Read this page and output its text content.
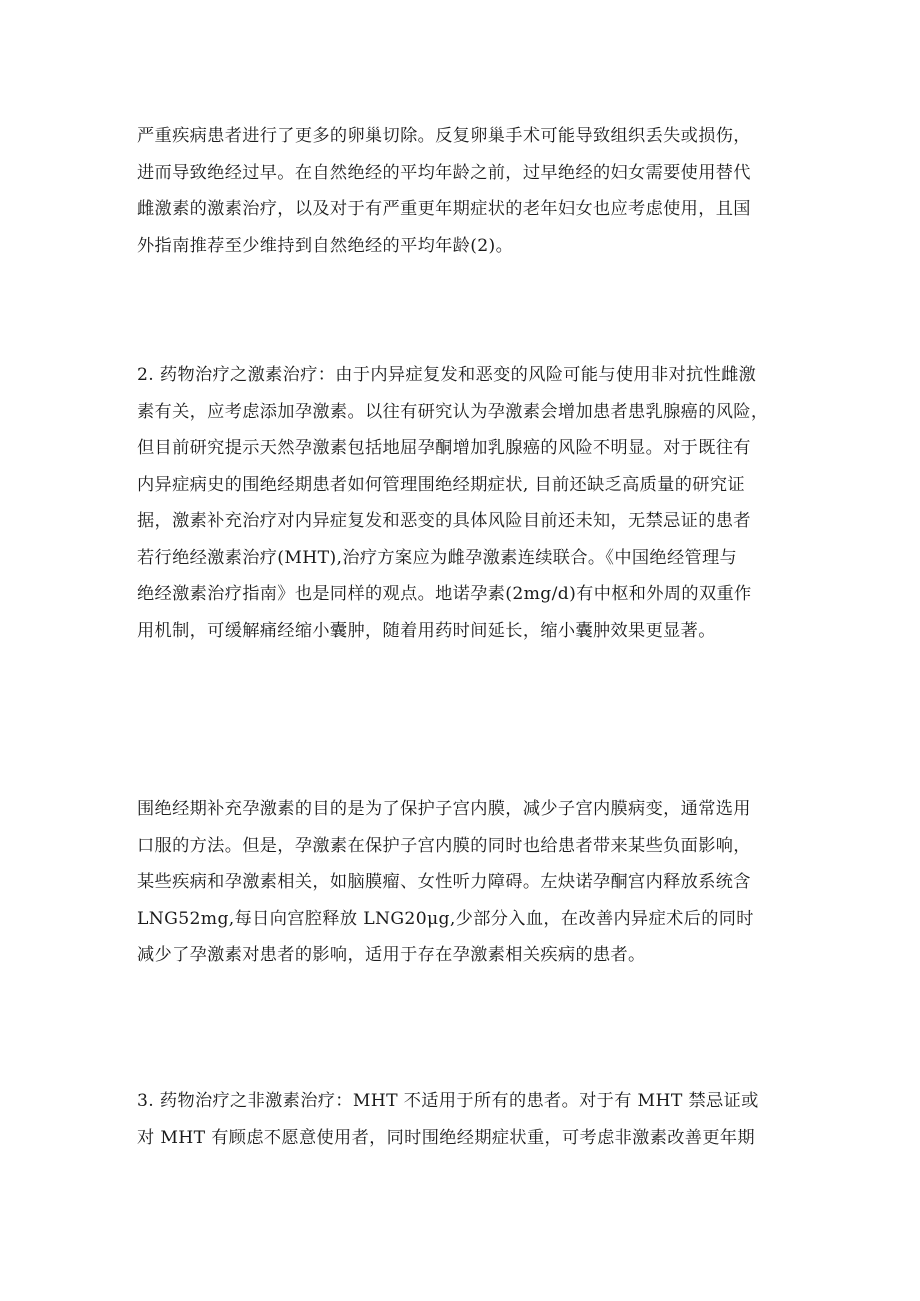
严重疾病患者进行了更多的卵巢切除。反复卵巢手术可能导致组织丢失或损伤，
进而导致绝经过早。在自然绝经的平均年龄之前，过早绝经的妇女需要使用替代
雌激素的激素治疗，以及对于有严重更年期症状的老年妇女也应考虑使用，且国
外指南推荐至少维持到自然绝经的平均年龄(2)。
2. 药物治疗之激素治疗：由于内异症复发和恶变的风险可能与使用非对抗性雌激
素有关，应考虑添加孕激素。以往有研究认为孕激素会增加患者患乳腺癌的风险，
但目前研究提示天然孕激素包括地屈孕酮增加乳腺癌的风险不明显。对于既往有
内异症病史的围绝经期患者如何管理围绝经期症状, 目前还缺乏高质量的研究证
据，激素补充治疗对内异症复发和恶变的具体风险目前还未知，无禁忌证的患者
若行绝经激素治疗(MHT),治疗方案应为雌孕激素连续联合。《中国绝经管理与
绝经激素治疗指南》也是同样的观点。地诺孕素(2mg/d)有中枢和外周的双重作
用机制，可缓解痛经缩小囊肿，随着用药时间延长，缩小囊肿效果更显著。
围绝经期补充孕激素的目的是为了保护子宫内膜，减少子宫内膜病变，通常选用
口服的方法。但是，孕激素在保护子宫内膜的同时也给患者带来某些负面影响，
某些疾病和孕激素相关，如脑膜瘤、女性听力障碍。左炔诺孕酮宫内释放系统含
LNG52mg,每日向宫腔释放 LNG20μg,少部分入血，在改善内异症术后的同时
减少了孕激素对患者的影响，适用于存在孕激素相关疾病的患者。
3. 药物治疗之非激素治疗：MHT 不适用于所有的患者。对于有 MHT 禁忌证或
对 MHT 有顾虑不愿意使用者，同时围绝经期症状重，可考虑非激素改善更年期
